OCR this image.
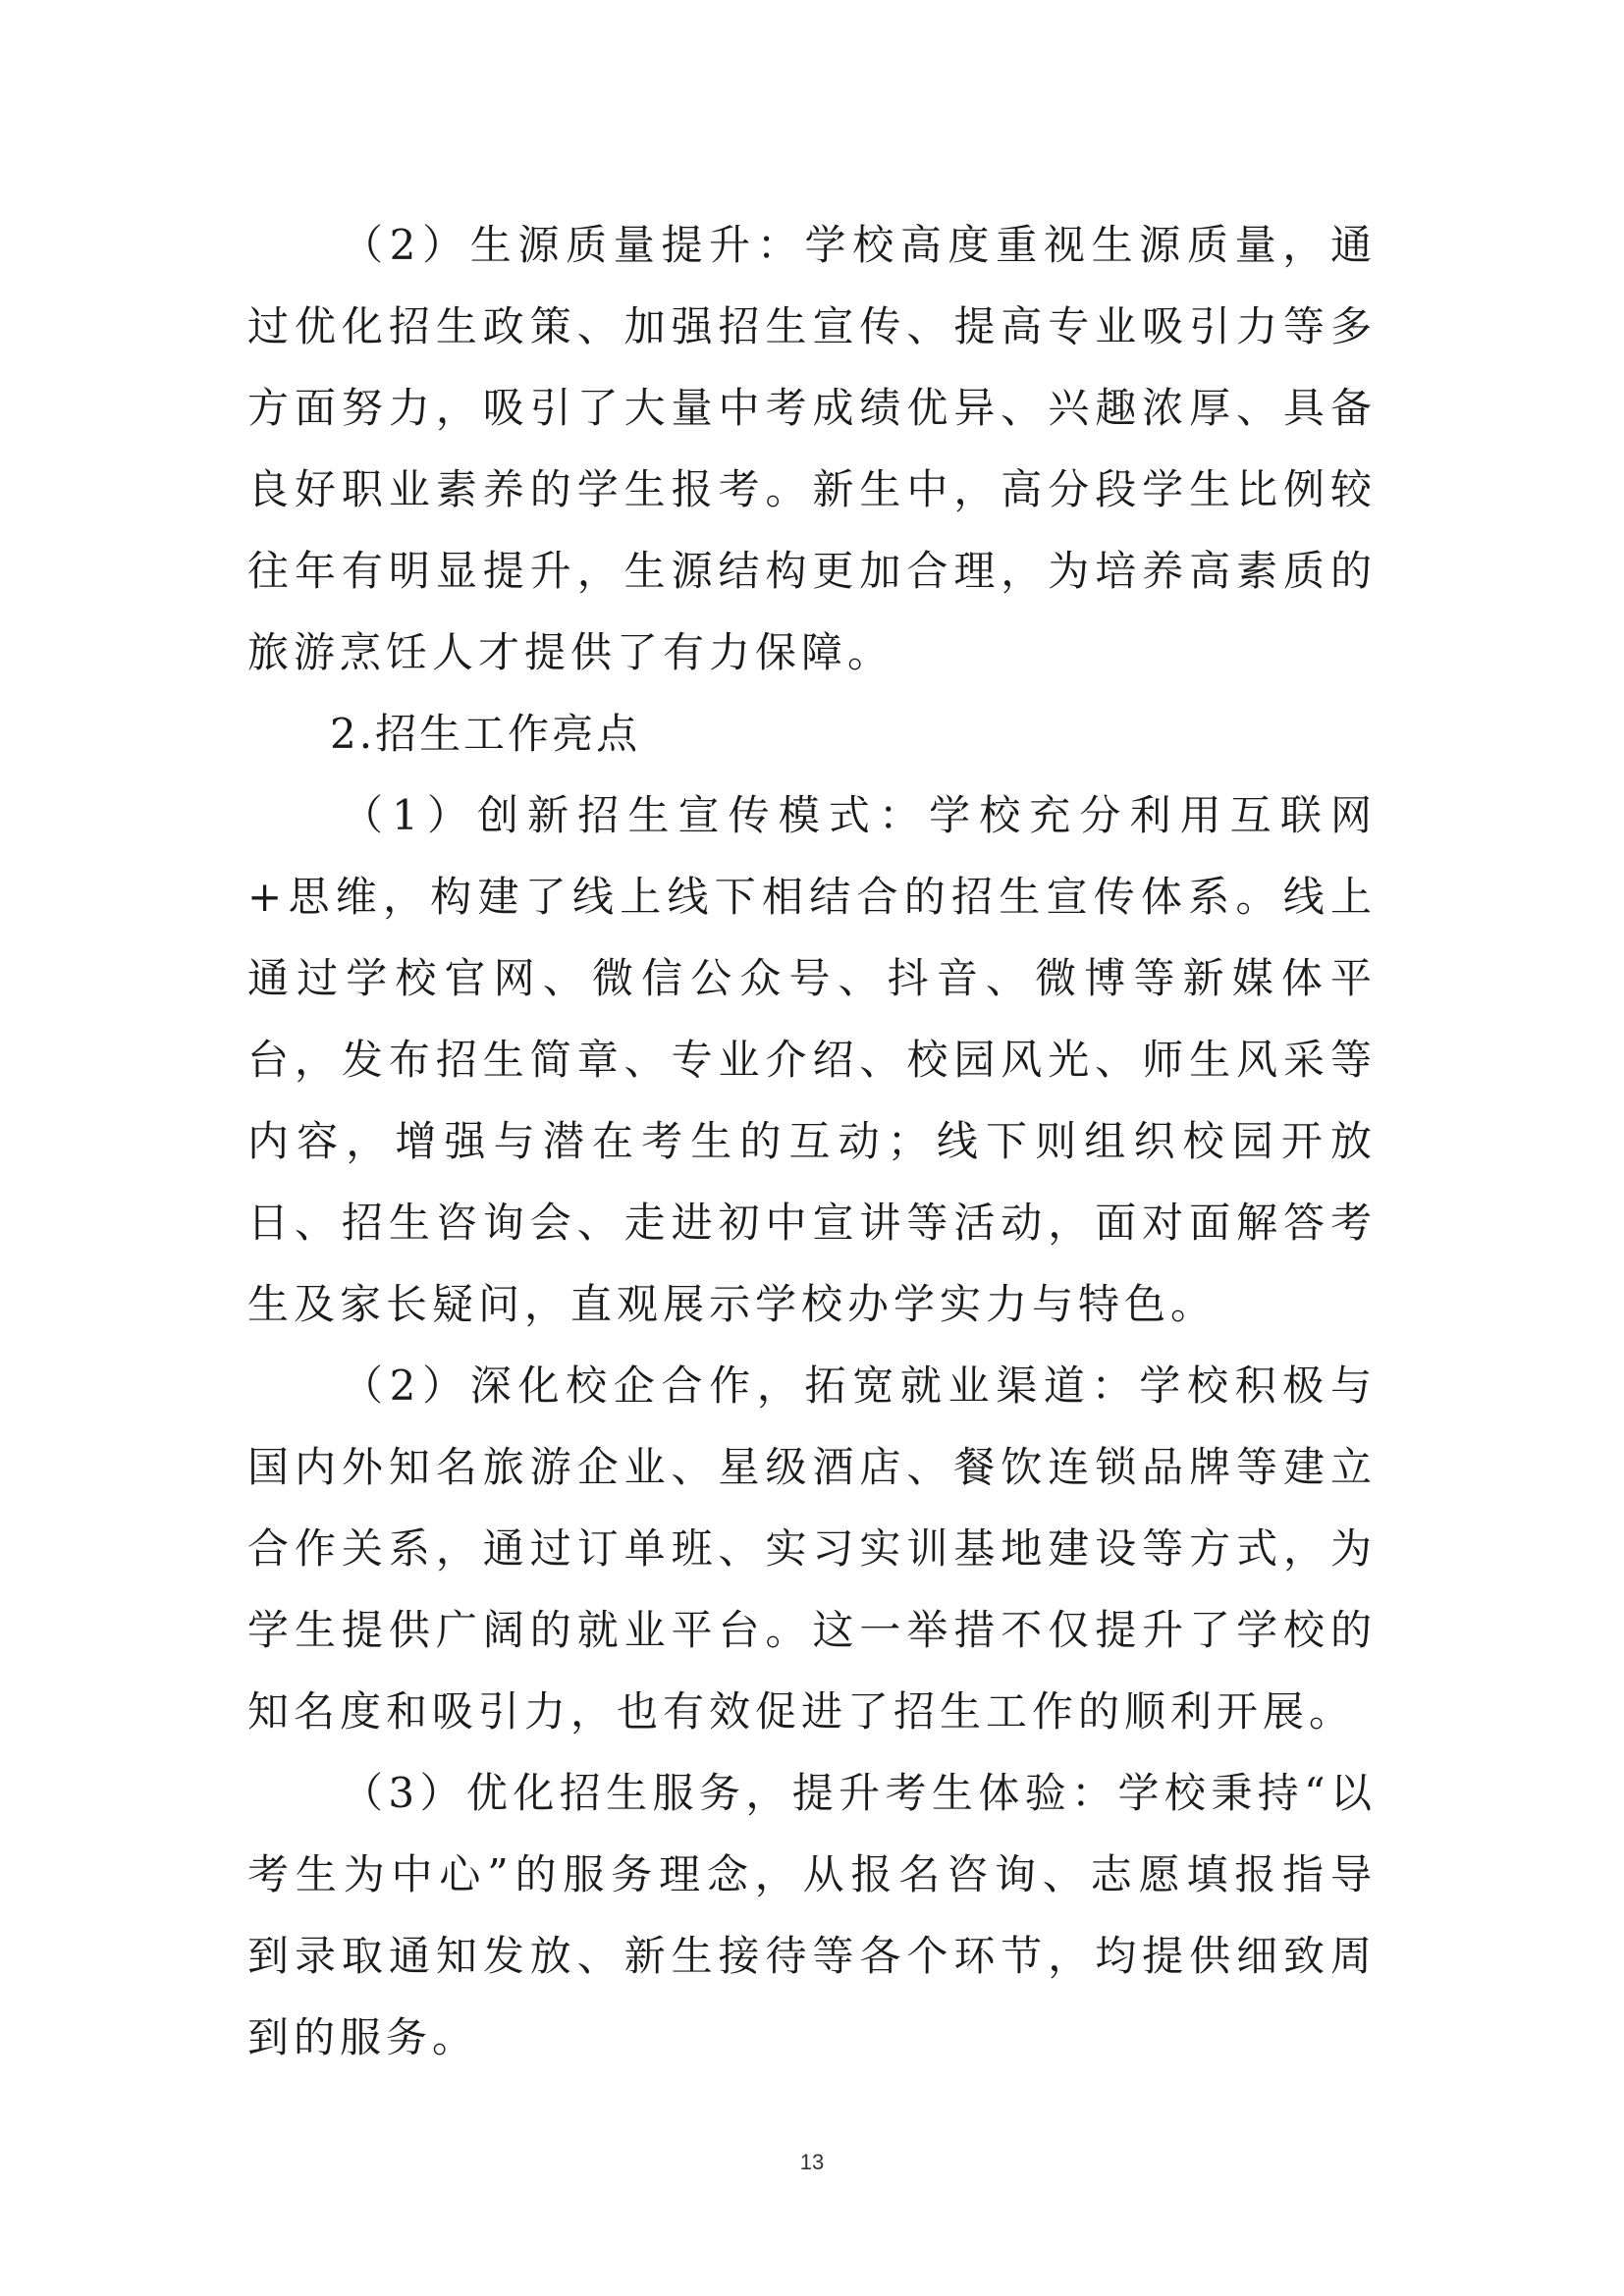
（2）生源质量提升：学校高度重视生源质量，通过优化招生政策、加强招生宣传、提高专业吸引力等多方面努力，吸引了大量中考成绩优异、兴趣浓厚、具备良好职业素养的学生报考。新生中，高分段学生比例较往年有明显提升，生源结构更加合理，为培养高素质的旅游烹饪人才提供了有力保障。

2.招生工作亮点

（1）创新招生宣传模式：学校充分利用互联网+思维，构建了线上线下相结合的招生宣传体系。线上通过学校官网、微信公众号、抖音、微博等新媒体平台，发布招生简章、专业介绍、校园风光、师生风采等内容，增强与潜在考生的互动；线下则组织校园开放日、招生咨询会、走进初中宣讲等活动，面对面解答考生及家长疑问，直观展示学校办学实力与特色。

（2）深化校企合作，拓宽就业渠道：学校积极与国内外知名旅游企业、星级酒店、餐饮连锁品牌等建立合作关系，通过订单班、实习实训基地建设等方式，为学生提供广阔的就业平台。这一举措不仅提升了学校的知名度和吸引力，也有效促进了招生工作的顺利开展。

（3）优化招生服务，提升考生体验：学校秉持“以考生为中心”的服务理念，从报名咨询、志愿填报指导到录取通知发放、新生接待等各个环节，均提供细致周到的服务。

13
